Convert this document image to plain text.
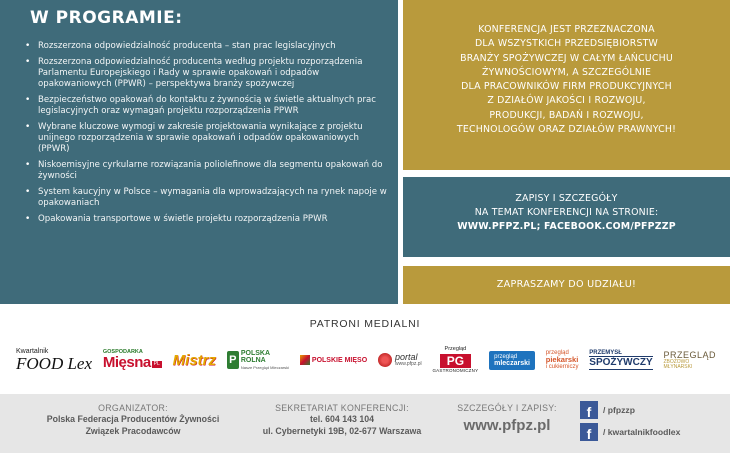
W PROGRAMIE:
• Rozszerzona odpowiedzialność producenta – stan prac legislacyjnych
• Rozszerzona odpowiedzialność producenta według projektu rozporządzenia Parlamentu Europejskiego i Rady w sprawie opakowań i odpadów opakowaniowych (PPWR) – perspektywa branży spożywczej
• Bezpieczeństwo opakowań do kontaktu z żywnością w świetle aktualnych prac legislacyjnych oraz wymagań projektu rozporządzenia PPWR
• Wybrane kluczowe wymogi w zakresie projektowania wynikające z projektu unijnego rozporządzenia w sprawie opakowań i odpadów opakowaniowych (PPWR)
• Niskoemisyjne cyrkularne rozwiązania poliolefinowe dla segmentu opakowań do żywności
• System kaucyjny w Polsce – wymagania dla wprowadzających na rynek napoje w opakowaniach
• Opakowania transportowe w świetle projektu rozporządzenia PPWR
KONFERENCJA JEST PRZEZNACZONA
DLA WSZYSTKICH PRZEDSIĘBIORSTW
BRANŻY SPOŻYWCZEJ W CAŁYM ŁAŃCUCHU
ŻYWNOŚCIOWYM, A SZCZEGÓLNIE
DLA PRACOWNIKÓW FIRM PRODUKCYJNYCH
Z DZIAŁÓW JAKOŚCI I ROZWOJU,
PRODUKCJI, BADAŃ I ROZWOJU,
TECHNOLOGÓW ORAZ DZIAŁÓW PRAWNYCH!
ZAPISY I SZCZEGÓŁY
NA TEMAT KONFERENCJI NA STRONIE:
WWW.PFPZ.PL; FACEBOOK.COM/PFPZZP
ZAPRASZAMY DO UDZIAŁU!
PATRONI MEDIALNI
Kwartalnik
FOOD Lex
GOSPODARKA
Mięsna PL Mistrz P POLSKA
ROLNA
Nasze Przegląd Mleczarski
POLSKIE MIĘSO	portal
www.pfpz.pl
Przegląd
PG
GASTRONOMICZNY
przegląd
mleczarski
przegląd
piekarski
i cukierniczy
PRZEMYSŁ
SPOŻYWCZY
PRZEGLĄD
ZBOŻOWO
MŁYNARSKI
ORGANIZATOR:
Polska Federacja Producentów Żywności
Związek Pracodawców
SEKRETARIAT KONFERENCJI:
tel. 604 143 104
ul. Cybernetyki 19B, 02-677 Warszawa
SZCZEGÓŁY I ZAPISY:
www.pfpz.pl
f	/ pfpzzp
f	/ kwartalnikfoodlex
